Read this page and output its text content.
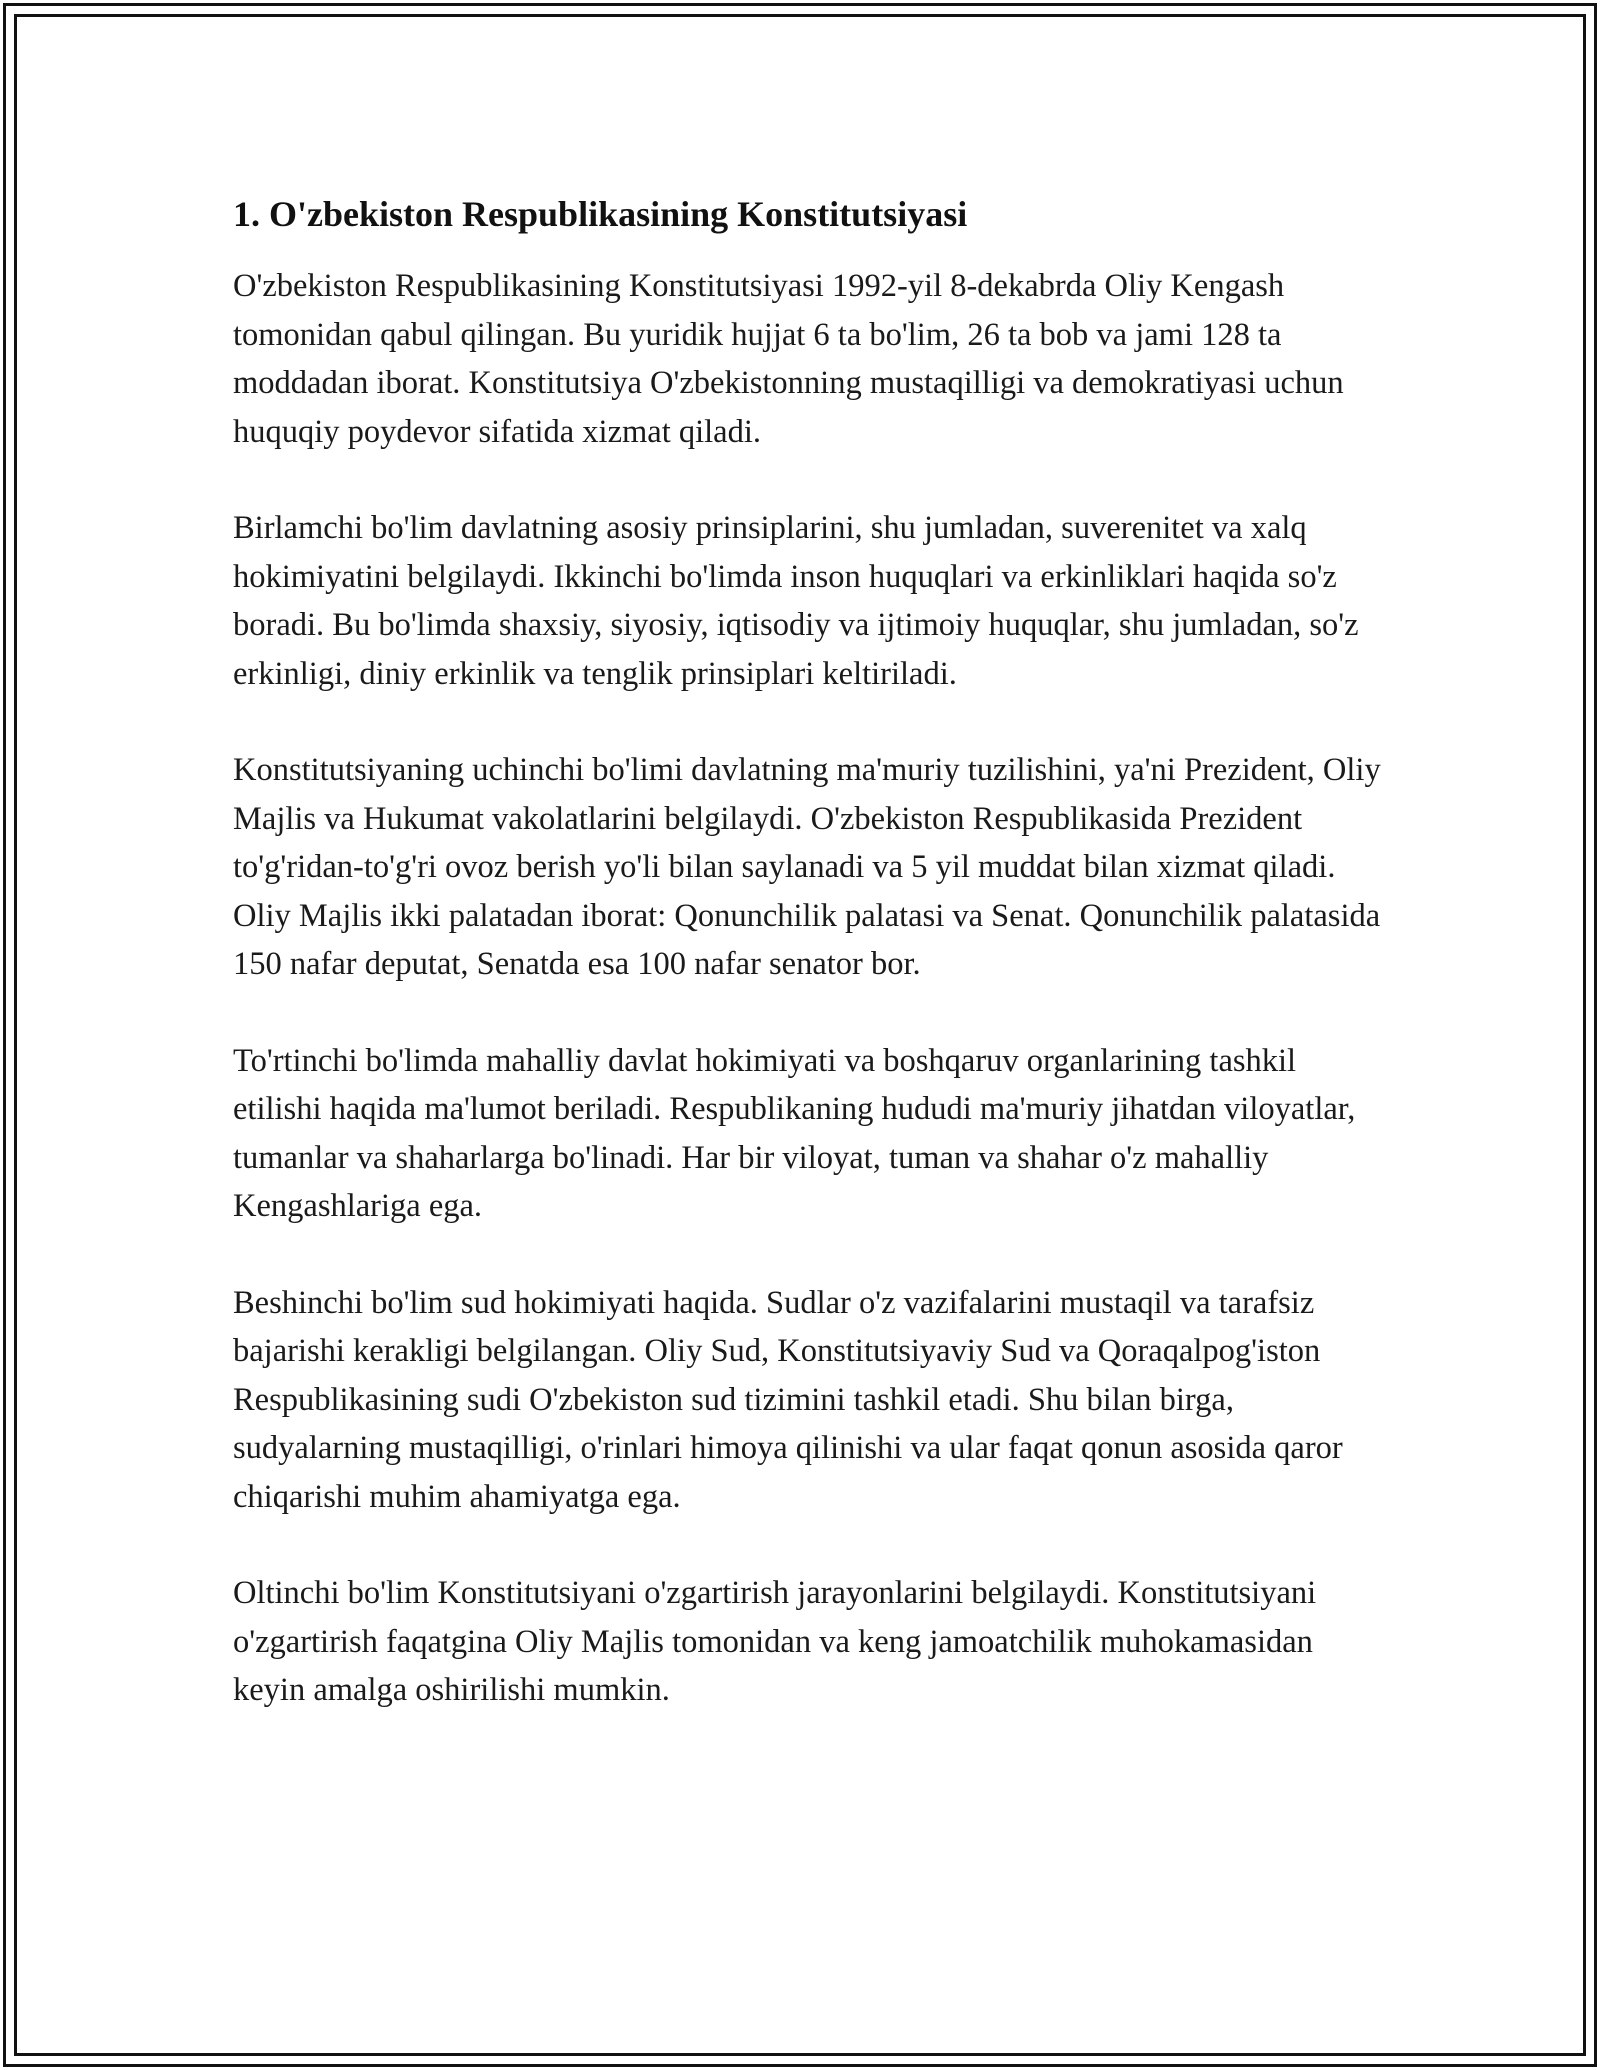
1. O'zbekiston Respublikasining Konstitutsiyasi

O'zbekiston Respublikasining Konstitutsiyasi 1992-yil 8-dekabrda Oliy Kengash tomonidan qabul qilingan. Bu yuridik hujjat 6 ta bo'lim, 26 ta bob va jami 128 ta moddadan iborat. Konstitutsiya O'zbekistonning mustaqilligi va demokratiyasi uchun huquqiy poydevor sifatida xizmat qiladi.

Birlamchi bo'lim davlatning asosiy prinsiplarini, shu jumladan, suverenitet va xalq hokimiyatini belgilaydi. Ikkinchi bo'limda inson huquqlari va erkinliklari haqida so'z boradi. Bu bo'limda shaxsiy, siyosiy, iqtisodiy va ijtimoiy huquqlar, shu jumladan, so'z erkinligi, diniy erkinlik va tenglik prinsiplari keltiriladi.

Konstitutsiyaning uchinchi bo'limi davlatning ma'muriy tuzilishini, ya'ni Prezident, Oliy Majlis va Hukumat vakolatlarini belgilaydi. O'zbekiston Respublikasida Prezident to'g'ridan-to'g'ri ovoz berish yo'li bilan saylanadi va 5 yil muddat bilan xizmat qiladi. Oliy Majlis ikki palatadan iborat: Qonunchilik palatasi va Senat. Qonunchilik palatasida 150 nafar deputat, Senatda esa 100 nafar senator bor.

To'rtinchi bo'limda mahalliy davlat hokimiyati va boshqaruv organlarining tashkil etilishi haqida ma'lumot beriladi. Respublikaning hududi ma'muriy jihatdan viloyatlar, tumanlar va shaharlarga bo'linadi. Har bir viloyat, tuman va shahar o'z mahalliy Kengashlariga ega.

Beshinchi bo'lim sud hokimiyati haqida. Sudlar o'z vazifalarini mustaqil va tarafsiz bajarishi kerakligi belgilangan. Oliy Sud, Konstitutsiyaviy Sud va Qoraqalpog'iston Respublikasining sudi O'zbekiston sud tizimini tashkil etadi. Shu bilan birga, sudyalarning mustaqilligi, o'rinlari himoya qilinishi va ular faqat qonun asosida qaror chiqarishi muhim ahamiyatga ega.

Oltinchi bo'lim Konstitutsiyani o'zgartirish jarayonlarini belgilaydi. Konstitutsiyani o'zgartirish faqatgina Oliy Majlis tomonidan va keng jamoatchilik muhokamasidan keyin amalga oshirilishi mumkin.
